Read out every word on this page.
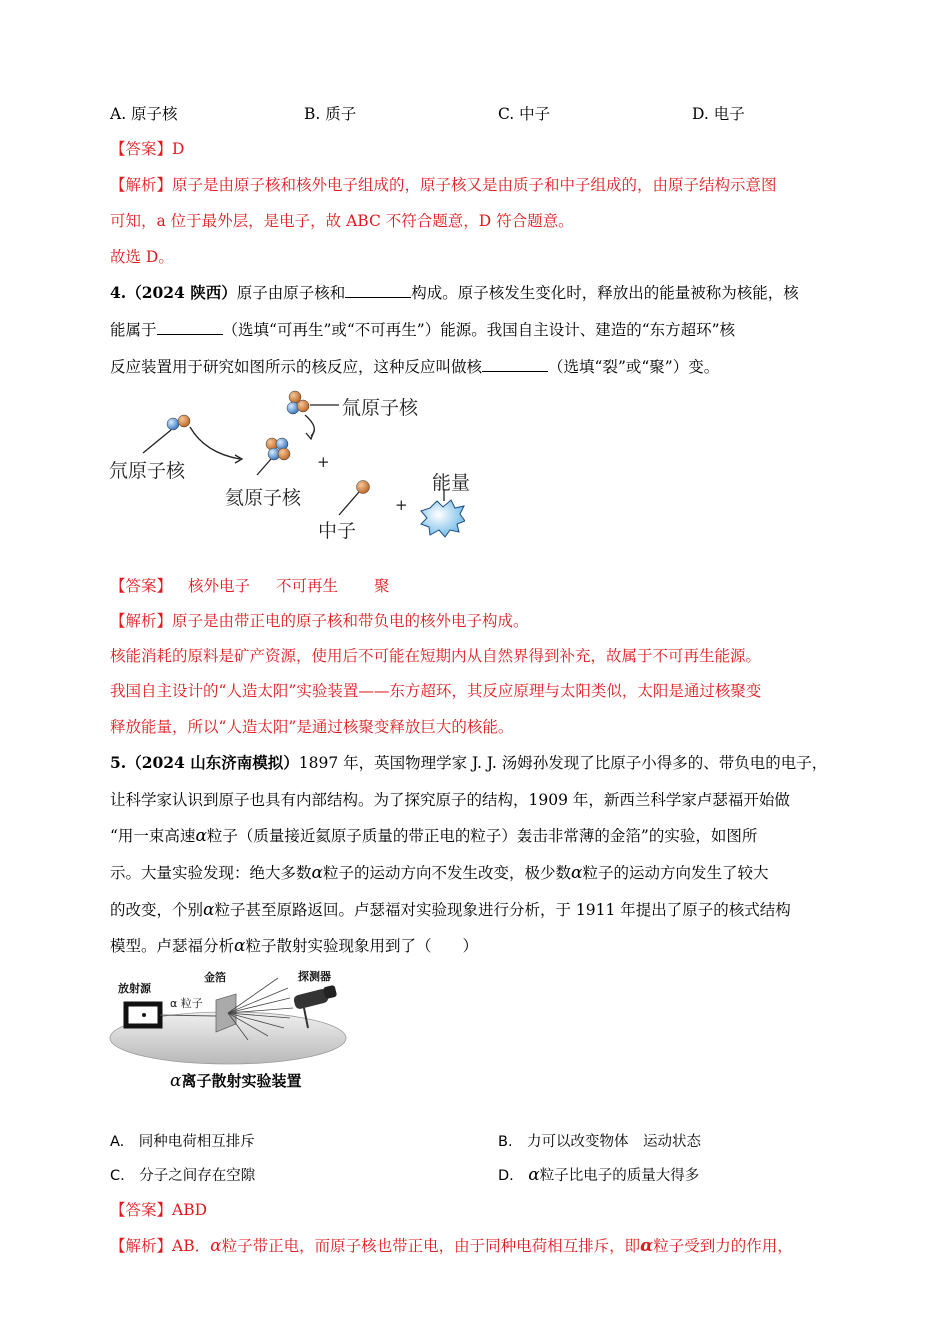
A. 原子核	B. 质子	C. 中子	D. 电子
【答案】D
【解析】原子是由原子核和核外电子组成的，原子核又是由质子和中子组成的，由原子结构示意图
可知，a 位于最外层，是电子，故 ABC 不符合题意，D 符合题意。
故选 D。
4.（2024 陕西）原子由原子核和	构成。原子核发生变化时，释放出的能量被称为核能，核
能属于	（选填“可再生”或“不可再生”）能源。我国自主设计、建造的“东方超环”核
反应装置用于研究如图所示的核反应，这种反应叫做核	（选填“裂”或“聚”）变。
氚原子核
氘原子核	+
氦原子核
能量
+
中子
【答案】 核外电子 不可再生 聚
【解析】原子是由带正电的原子核和带负电的核外电子构成。
核能消耗的原料是矿产资源，使用后不可能在短期内从自然界得到补充，故属于不可再生能源。
我国自主设计的“人造太阳”实验装置——东方超环，其反应原理与太阳类似，太阳是通过核聚变
释放能量，所以“人造太阳”是通过核聚变释放巨大的核能。
5.（2024 山东济南模拟）1897 年，英国物理学家 J. J. 汤姆孙发现了比原子小得多的、带负电的电子，
让科学家认识到原子也具有内部结构。为了探究原子的结构，1909 年，新西兰科学家卢瑟福开始做
“用一束高速α粒子（质量接近氦原子质量的带正电的粒子）轰击非常薄的金箔”的实验，如图所
示。大量实验发现：绝大多数α粒子的运动方向不发生改变，极少数α粒子的运动方向发生了较大
的改变，个别α粒子甚至原路返回。卢瑟福对实验现象进行分析，于 1911 年提出了原子的核式结构
模型。卢瑟福分析α粒子散射实验现象用到了（　　）
放射源
α 粒子
金箔	探测器
α离子散射实验装置
A.　同种电荷相互排斥	B.　力可以改变物体　运动状态
C.　分子之间存在空隙	D.　α粒子比电子的质量大得多
【答案】ABD
【解析】AB．α粒子带正电，而原子核也带正电，由于同种电荷相互排斥，即α粒子受到力的作用，
